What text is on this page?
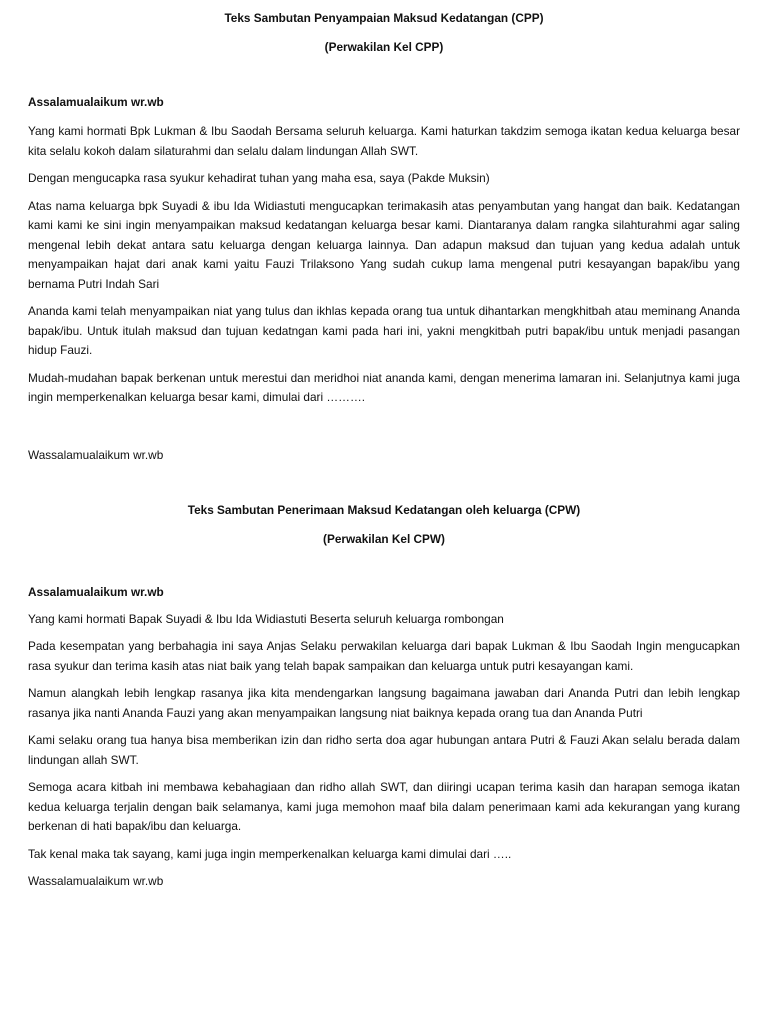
Teks Sambutan Penyampaian Maksud Kedatangan (CPP)

(Perwakilan Kel CPP)

Assalamualaikum wr.wb

Yang kami hormati Bpk Lukman & Ibu Saodah Bersama seluruh keluarga. Kami haturkan takdzim semoga ikatan kedua keluarga besar kita selalu kokoh dalam silaturahmi dan selalu dalam lindungan Allah SWT.

Dengan mengucapka rasa syukur kehadirat tuhan yang maha esa, saya (Pakde Muksin)

Atas nama keluarga bpk Suyadi & ibu Ida Widiastuti mengucapkan terimakasih atas penyambutan yang hangat dan baik. Kedatangan kami kami ke sini ingin menyampaikan maksud kedatangan keluarga besar kami. Diantaranya dalam rangka silahturahmi agar saling mengenal lebih dekat antara satu keluarga dengan keluarga lainnya. Dan adapun maksud dan tujuan yang kedua adalah untuk menyampaikan hajat dari anak kami yaitu Fauzi Trilaksono Yang sudah cukup lama mengenal putri kesayangan bapak/ibu yang bernama Putri Indah Sari

Ananda kami telah menyampaikan niat yang tulus dan ikhlas kepada orang tua untuk dihantarkan mengkhitbah atau meminang Ananda bapak/ibu. Untuk itulah maksud dan tujuan kedatngan kami pada hari ini, yakni mengkitbah putri bapak/ibu untuk menjadi pasangan hidup Fauzi.

Mudah-mudahan bapak berkenan untuk merestui dan meridhoi niat ananda kami, dengan menerima lamaran ini. Selanjutnya kami juga ingin memperkenalkan keluarga besar kami, dimulai dari ……….

Wassalamualaikum wr.wb

Teks Sambutan Penerimaan Maksud Kedatangan oleh keluarga (CPW)

(Perwakilan Kel CPW)

Assalamualaikum wr.wb

Yang kami hormati Bapak Suyadi & Ibu Ida Widiastuti Beserta seluruh keluarga rombongan

Pada kesempatan yang berbahagia ini saya Anjas Selaku perwakilan keluarga dari bapak Lukman & Ibu Saodah Ingin mengucapkan rasa syukur dan terima kasih atas niat baik yang telah bapak sampaikan dan keluarga untuk putri kesayangan kami.

Namun alangkah lebih lengkap rasanya jika kita mendengarkan langsung bagaimana jawaban dari Ananda Putri dan lebih lengkap rasanya jika nanti Ananda Fauzi yang akan menyampaikan langsung niat baiknya kepada orang tua dan Ananda Putri

Kami selaku orang tua hanya bisa memberikan izin dan ridho serta doa agar hubungan antara Putri & Fauzi Akan selalu berada dalam lindungan allah SWT.

Semoga acara kitbah ini membawa kebahagiaan dan ridho allah SWT, dan diiringi ucapan terima kasih dan harapan semoga ikatan kedua keluarga terjalin dengan baik selamanya, kami juga memohon maaf bila dalam penerimaan kami ada kekurangan yang kurang berkenan di hati bapak/ibu dan keluarga.

Tak kenal maka tak sayang, kami juga ingin memperkenalkan keluarga kami dimulai dari …..

Wassalamualaikum wr.wb
